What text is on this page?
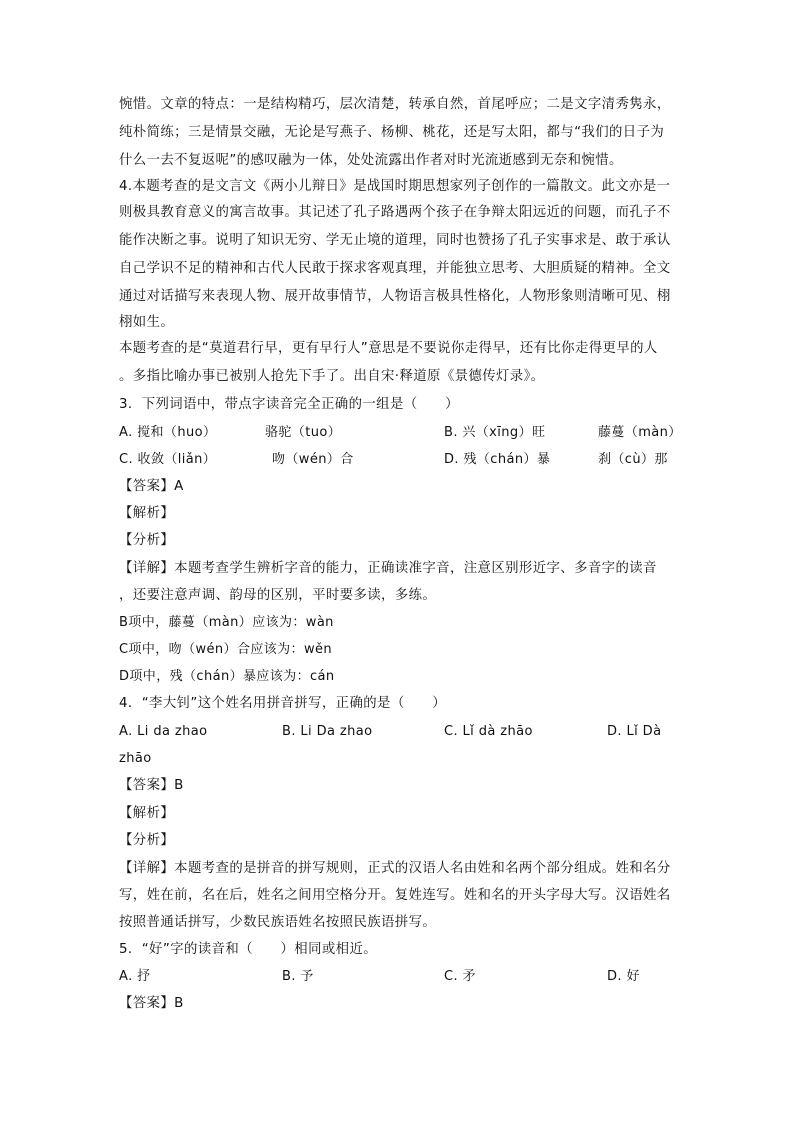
惋惜。文章的特点：一是结构精巧，层次清楚，转承自然，首尾呼应；二是文字清秀隽永，
纯朴简练；三是情景交融，无论是写燕子、杨柳、桃花，还是写太阳，都与“我们的日子为
什么一去不复返呢”的感叹融为一体，处处流露出作者对时光流逝感到无奈和惋惜。
4.本题考查的是文言文《两小儿辩日》是战国时期思想家列子创作的一篇散文。此文亦是一
则极具教育意义的寓言故事。其记述了孔子路遇两个孩子在争辩太阳远近的问题，而孔子不
能作决断之事。说明了知识无穷、学无止境的道理，同时也赞扬了孔子实事求是、敢于承认
自己学识不足的精神和古代人民敢于探求客观真理，并能独立思考、大胆质疑的精神。全文
通过对话描写来表现人物、展开故事情节，人物语言极具性格化，人物形象则清晰可见、栩
栩如生。
本题考查的是“莫道君行早，更有早行人”意思是不要说你走得早，还有比你走得更早的人
。多指比喻办事已被别人抢先下手了。出自宋·释道原《景德传灯录》。
3．下列词语中，带点字读音完全正确的一组是（　　）
A. 搅和（huo）	骆驼（tuo）	B. 兴（xīng）旺	藤蔓（màn）
C. 收敛（liǎn）	吻（wén）合	D. 残（chán）暴	刹（cù）那
【答案】A
【解析】
【分析】
【详解】本题考查学生辨析字音的能力，正确读准字音，注意区别形近字、多音字的读音
，还要注意声调、韵母的区别，平时要多读，多练。
B项中，藤蔓（màn）应该为：wàn
C项中，吻（wén）合应该为：wěn
D项中，残（chán）暴应该为：cán
4．“李大钊”这个姓名用拼音拼写，正确的是（　　）
A. Li da zhao	B. Li Da zhao	C. Lǐ dà zhāo	D. Lǐ Dà
zhāo
【答案】B
【解析】
【分析】
【详解】本题考查的是拼音的拼写规则，正式的汉语人名由姓和名两个部分组成。姓和名分
写，姓在前，名在后，姓名之间用空格分开。复姓连写。姓和名的开头字母大写。汉语姓名
按照普通话拼写，少数民族语姓名按照民族语拼写。
5．“好”字的读音和（　　）相同或相近。
A. 抒	B. 予	C. 矛	D. 好
【答案】B
